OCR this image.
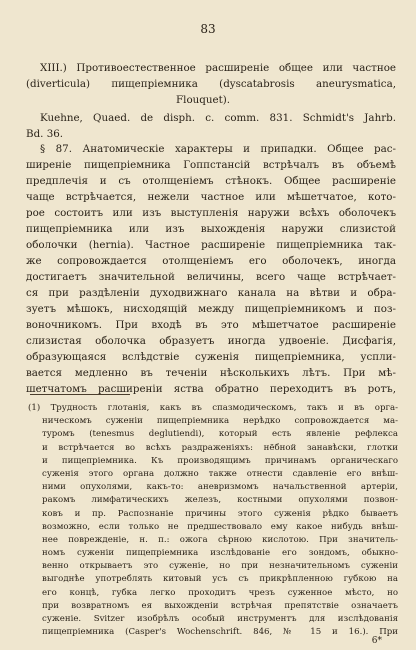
83
XIII.) Противоестественное расширеніе общее или частное
(diverticula) пищепріемника (dyscatabrosis aneurysmatica,
Flouquet).
Kuehne, Quaed. de disph. c. comm. 831. Schmidt's Jahrb.
Bd. 36.
§ 87. Анатомическіе характеры и припадки. Общее рас-
ширеніе пищепріемника Гоппстансій встрѣчалъ въ объемѣ
предплечія и съ отолщеніемъ стѣнокъ. Общее расширеніе
чаще встрѣчается, нежели частное или мѣшетчатое, кото-
рое состоитъ или изъ выступленія наружи всѣхъ оболочекъ
пищепріемника или изъ выхожденія наружи слизистой
оболочки (hernia). Частное расширеніе пищепріемника так-
же сопровождается отолщеніемъ его оболочекъ, иногда
достигаетъ значительной величины, всего чаще встрѣчает-
ся при раздѣленіи духодвижнаго канала на вѣтви и обра-
зуетъ мѣшокъ, нисходящій между пищепріемникомъ и поз-
воночникомъ. При входѣ въ это мѣшетчатое расширеніе
слизистая оболочка образуетъ иногда удвоеніе. Дисфагія,
образующаяся вслѣдствіе суженія пищепріемника, успли-
вается медленно въ теченіи нѣсколькихъ лѣтъ. При мѣ-
шетчатомъ расширеніи яства обратно переходитъ въ ротъ,
(1) Трудность глотанія, какъ въ спазмодическомъ, такъ и въ орга-
ническомъ суженіи пищепріемника нерѣдко сопровождается ма-
туромъ (tenesmus deglutiendi), который есть явленіе рефлекса
и встрѣчается во всѣхъ раздраженіяхъ: нёбной занавѣски, глотки
и пищепріемника. Къ производящимъ причинамъ органическаго
суженія этого органа должно также отнести сдавленіе его внѣш-
ними опухолями, какъ-то: аневризмомъ начальственной артеріи,
ракомъ лимфатическихъ железъ, костными опухолями позвон-
ковъ и пр. Распознаніе причины этого суженія рѣдко бываетъ
возможно, если только не предшествовало ему какое нибудь внѣш-
нее поврежденіе, н. п.: ожога сѣрною кислотою. При значитель-
номъ суженіи пищепріемника изслѣдованіе его зондомъ, обыкно-
венно открываетъ это суженіе, но при незначительномъ суженіи
выгоднѣе употреблять китовый усъ съ прикрѣпленною губкою на
его концѣ, губка легко проходитъ чрезъ суженное мѣсто, но
при возвратномъ ея выхожденіи встрѣчая препятствіе означаетъ
суженіе. Svitzer изобрѣлъ особый инструментъ для изслѣдованія
пищепріемника (Casper's Wochenschrift. 846, № 15 и 16.). При
6*
